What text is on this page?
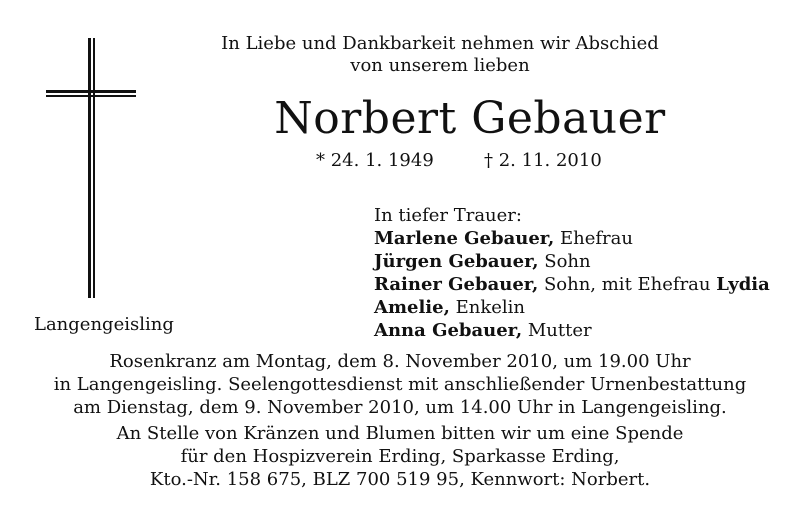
In Liebe und Dankbarkeit nehmen wir Abschied
von unserem lieben
Norbert Gebauer
* 24. 1. 1949	† 2. 11. 2010
Langengeisling
In tiefer Trauer:
Marlene Gebauer, Ehefrau
Jürgen Gebauer, Sohn
Rainer Gebauer, Sohn, mit Ehefrau Lydia
Amelie, Enkelin
Anna Gebauer, Mutter
Rosenkranz am Montag, dem 8. November 2010, um 19.00 Uhr
in Langengeisling. Seelengottesdienst mit anschließender Urnenbestattung
am Dienstag, dem 9. November 2010, um 14.00 Uhr in Langengeisling.
An Stelle von Kränzen und Blumen bitten wir um eine Spende
für den Hospizverein Erding, Sparkasse Erding,
Kto.-Nr. 158 675, BLZ 700 519 95, Kennwort: Norbert.
